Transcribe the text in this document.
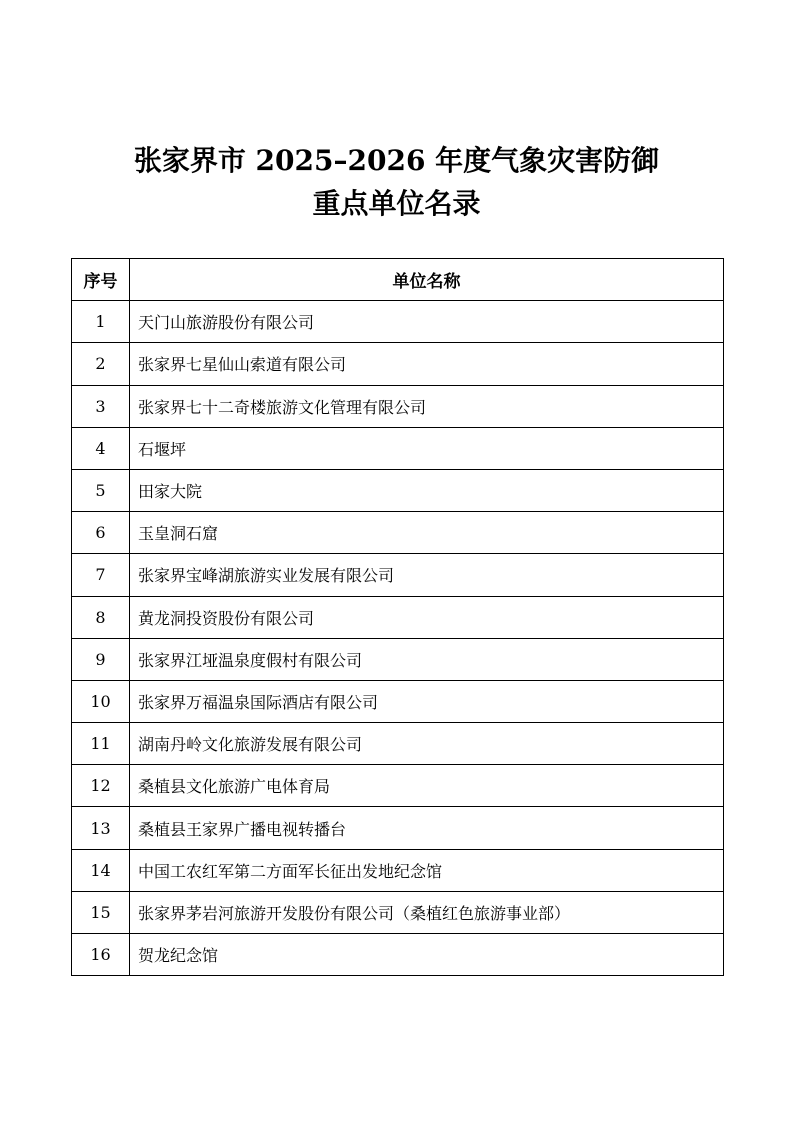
张家界市 2025–2026 年度气象灾害防御
重点单位名录
序号	单位名称
1	天门山旅游股份有限公司
2	张家界七星仙山索道有限公司
3	张家界七十二奇楼旅游文化管理有限公司
4	石堰坪
5	田家大院
6	玉皇洞石窟
7	张家界宝峰湖旅游实业发展有限公司
8	黄龙洞投资股份有限公司
9	张家界江垭温泉度假村有限公司
10	张家界万福温泉国际酒店有限公司
11	湖南丹岭文化旅游发展有限公司
12	桑植县文化旅游广电体育局
13	桑植县王家界广播电视转播台
14	中国工农红军第二方面军长征出发地纪念馆
15	张家界茅岩河旅游开发股份有限公司（桑植红色旅游事业部）
16	贺龙纪念馆
